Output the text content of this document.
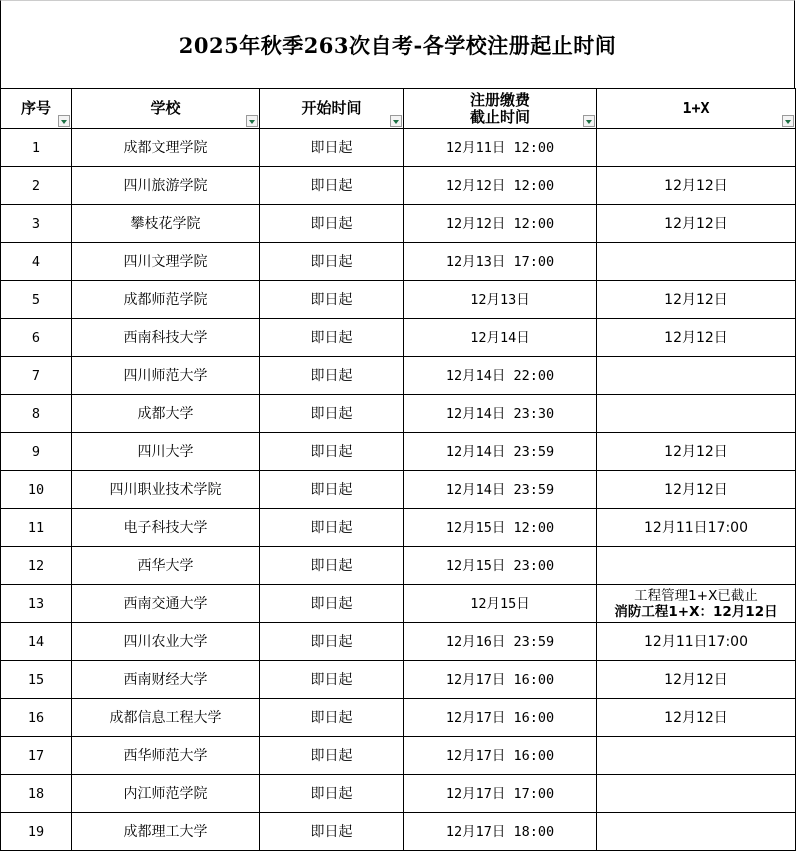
2025年秋季263次自考-各学校注册起止时间
序号	学校	开始时间	注册缴费
截止时间	1+X

1	成都文理学院	即日起	12月11日 12:00	
2	四川旅游学院	即日起	12月12日 12:00	12月12日
3	攀枝花学院	即日起	12月12日 12:00	12月12日
4	四川文理学院	即日起	12月13日 17:00	
5	成都师范学院	即日起	12月13日	12月12日
6	西南科技大学	即日起	12月14日	12月12日
7	四川师范大学	即日起	12月14日 22:00	
8	成都大学	即日起	12月14日 23:30	
9	四川大学	即日起	12月14日 23:59	12月12日
10	四川职业技术学院	即日起	12月14日 23:59	12月12日
11	电子科技大学	即日起	12月15日 12:00	12月11日17:00
12	西华大学	即日起	12月15日 23:00	
13	西南交通大学	即日起	12月15日	工程管理1+X已截止
消防工程1+X：12月12日

14	四川农业大学	即日起	12月16日 23:59	12月11日17:00
15	西南财经大学	即日起	12月17日 16:00	12月12日
16	成都信息工程大学	即日起	12月17日 16:00	12月12日
17	西华师范大学	即日起	12月17日 16:00	
18	内江师范学院	即日起	12月17日 17:00	
19	成都理工大学	即日起	12月17日 18:00	
